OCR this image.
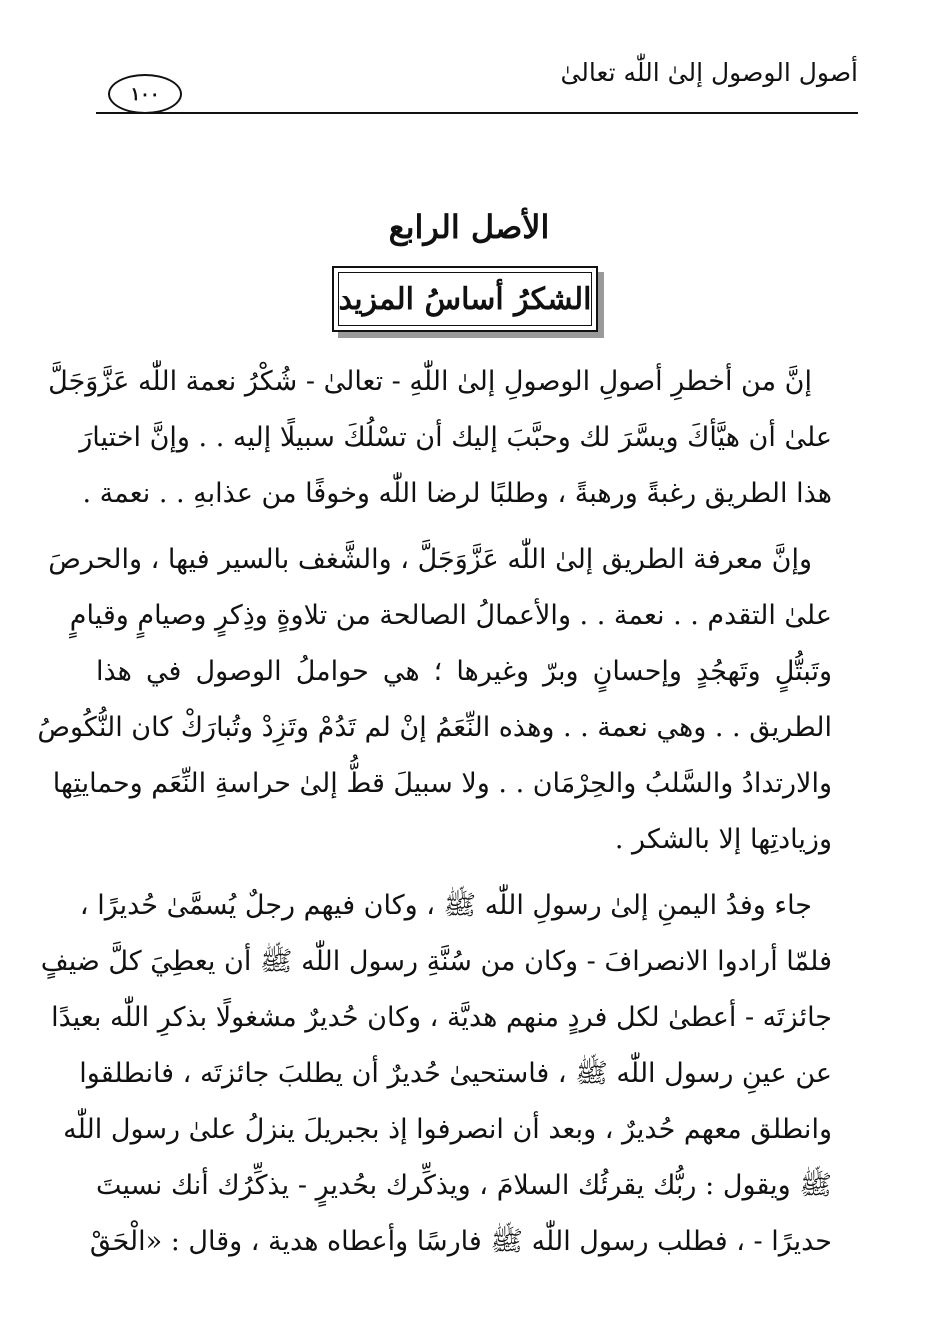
أصول الوصول إلىٰ اللّٰه تعالىٰ
١٠٠
الأصل الرابع
الشكرُ أساسُ المزيد

إنَّ من أخطرِ أصولِ الوصولِ إلىٰ اللّٰهِ - تعالىٰ - شُكْرُ نعمة اللّٰه عَزَّوَجَلَّ
علىٰ أن هيَّأكَ ويسَّرَ لك وحبَّبَ إليك أن تسْلُكَ سبيلًا إليه . . وإنَّ اختيارَ
هذا الطريق رغبةً ورهبةً ، وطلبًا لرضا اللّٰه وخوفًا من عذابهِ . . نعمة .

وإنَّ معرفة الطريق إلىٰ اللّٰه عَزَّوَجَلَّ ، والشَّغف بالسير فيها ، والحرصَ
علىٰ التقدم . . نعمة . . والأعمالُ الصالحة من تلاوةٍ وذِكرٍ وصيامٍ وقيامٍ
وتَبتُّلٍ وتَهجُدٍ وإحسانٍ وبرّ وغيرها ؛ هي حواملُ الوصول في هذا
الطريق . . وهي نعمة . . وهذه النِّعَمُ إنْ لم تَدُمْ وتَزِدْ وتُبارَكْ كان النُّكُوصُ
والارتدادُ والسَّلبُ والحِرْمَان . . ولا سبيلَ قطُّ إلىٰ حراسةِ النِّعَم وحمايتِها
وزيادتِها إلا بالشكر .

جاء وفدُ اليمنِ إلىٰ رسولِ اللّٰه ﷺ ، وكان فيهم رجلٌ يُسمَّىٰ حُديرًا ،
فلمّا أرادوا الانصرافَ - وكان من سُنَّةِ رسول اللّٰه ﷺ أن يعطِيَ كلَّ ضيفٍ
جائزتَه - أعطىٰ لكل فردٍ منهم هديَّة ، وكان حُديرٌ مشغولًا بذكرِ اللّٰه بعيدًا
عن عينِ رسول اللّٰه ﷺ ، فاستحيىٰ حُديرٌ أن يطلبَ جائزتَه ، فانطلقوا
وانطلق معهم حُديرٌ ، وبعد أن انصرفوا إذ بجبريلَ ينزلُ علىٰ رسول اللّٰه
ﷺ ويقول : ربُّك يقرئُك السلامَ ، ويذكِّرك بحُديرٍ - يذكِّرُك أنك نسيتَ
حديرًا - ، فطلب رسول اللّٰه ﷺ فارسًا وأعطاه هدية ، وقال : «الْحَقْ
